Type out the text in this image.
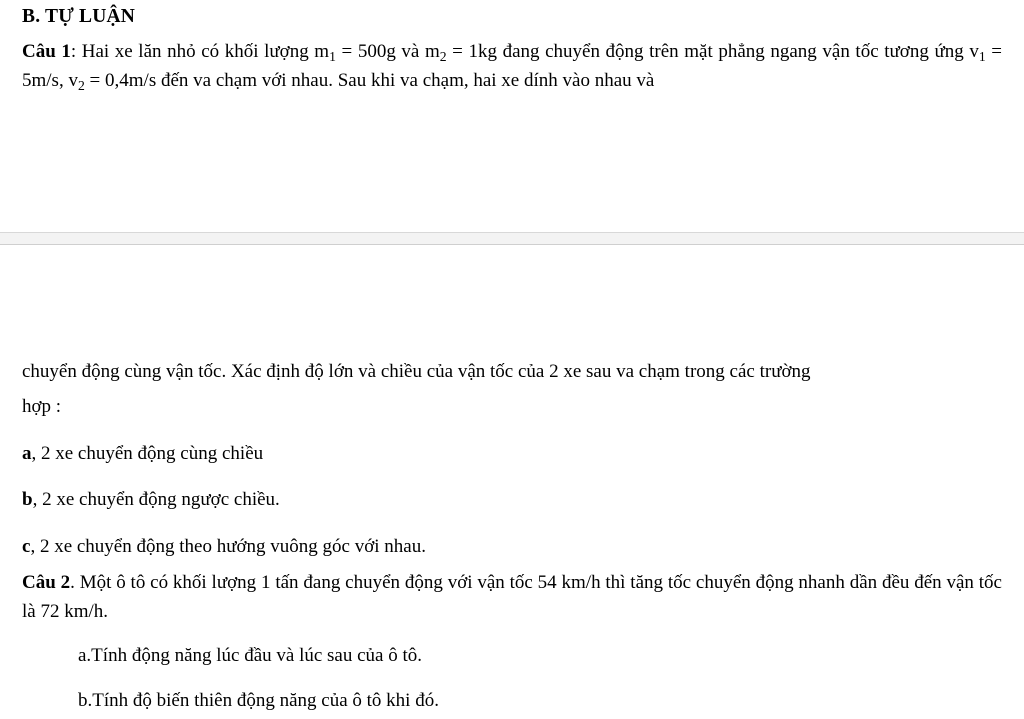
B. TỰ LUẬN
Câu 1: Hai xe lăn nhỏ có khối lượng $m_1 = 500g$ và $m_2 = 1kg$ đang chuyển động trên mặt phẳng ngang vận tốc tương ứng $v_1 = 5m/s$, $v_2 = 0,4m/s$ đến va chạm với nhau. Sau khi va chạm, hai xe dính vào nhau và
chuyển động cùng vận tốc. Xác định độ lớn và chiều của vận tốc của 2 xe sau va chạm trong các trường
hợp :
a, 2 xe chuyển động cùng chiều
b, 2 xe chuyển động ngược chiều.
c, 2 xe chuyển động theo hướng vuông góc với nhau.
Câu 2. Một ô tô có khối lượng 1 tấn đang chuyển động với vận tốc 54 km/h thì tăng tốc chuyển động nhanh dần đều đến vận tốc là 72 km/h.
a.Tính động năng lúc đầu và lúc sau của ô tô.
b.Tính độ biến thiên động năng của ô tô khi đó.
